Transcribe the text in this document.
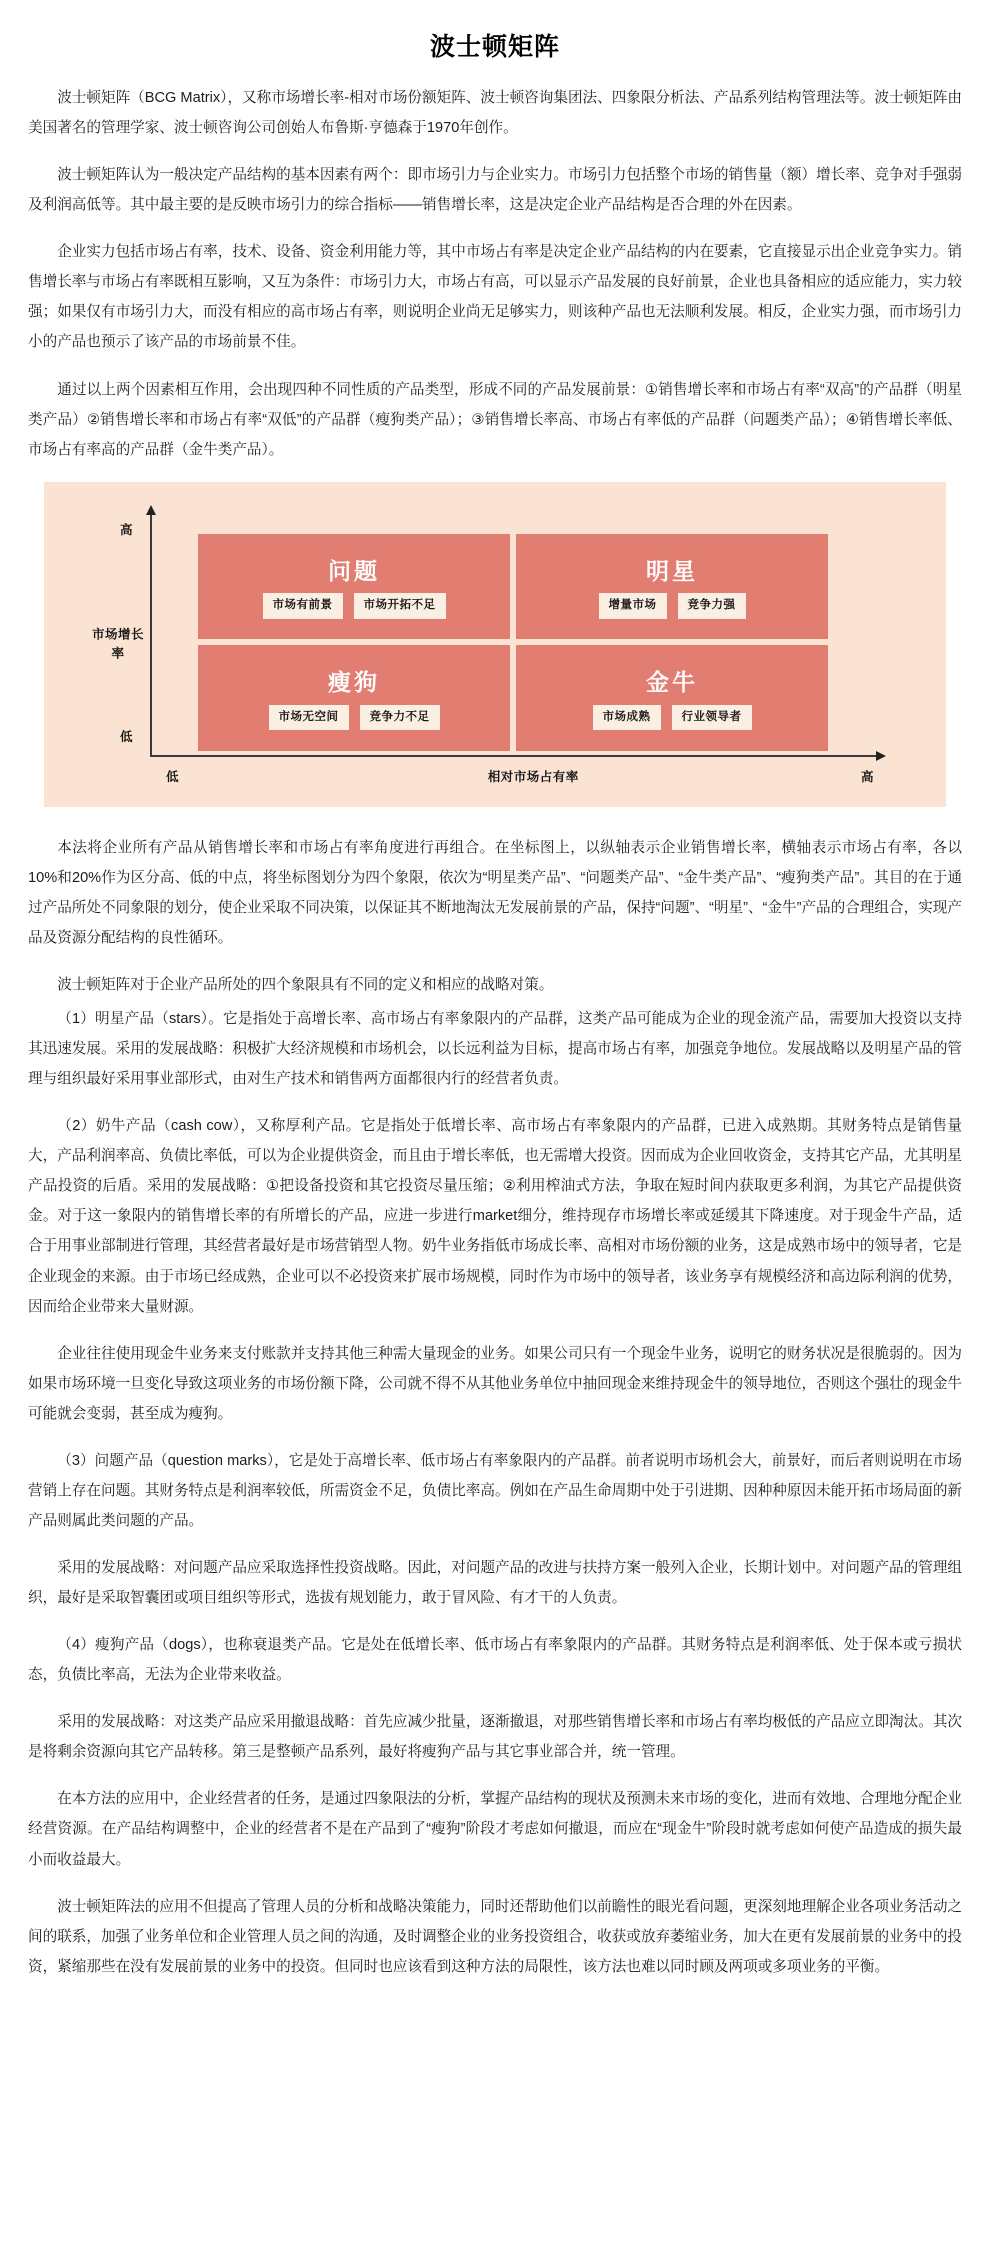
波士顿矩阵

波士顿矩阵（BCG Matrix），又称市场增长率-相对市场份额矩阵、波士顿咨询集团法、四象限分析法、产品系列结构管理法等。波士顿矩阵由美国著名的管理学家、波士顿咨询公司创始人布鲁斯·亨德森于1970年创作。

波士顿矩阵认为一般决定产品结构的基本因素有两个：即市场引力与企业实力。市场引力包括整个市场的销售量（额）增长率、竞争对手强弱及利润高低等。其中最主要的是反映市场引力的综合指标——销售增长率，这是决定企业产品结构是否合理的外在因素。

企业实力包括市场占有率，技术、设备、资金利用能力等，其中市场占有率是决定企业产品结构的内在要素，它直接显示出企业竞争实力。销售增长率与市场占有率既相互影响，又互为条件：市场引力大，市场占有高，可以显示产品发展的良好前景，企业也具备相应的适应能力，实力较强；如果仅有市场引力大，而没有相应的高市场占有率，则说明企业尚无足够实力，则该种产品也无法顺利发展。相反，企业实力强，而市场引力小的产品也预示了该产品的市场前景不佳。

通过以上两个因素相互作用，会出现四种不同性质的产品类型，形成不同的产品发展前景：①销售增长率和市场占有率“双高”的产品群（明星类产品）②销售增长率和市场占有率“双低”的产品群（瘦狗类产品）；③销售增长率高、市场占有率低的产品群（问题类产品）；④销售增长率低、市场占有率高的产品群（金牛类产品）。

高
低
市场增长率
低	相对市场占有率	高
问题
市场有前景	市场开拓不足
明星
增量市场	竞争力强
瘦狗
市场无空间	竞争力不足
金牛
市场成熟	行业领导者

本法将企业所有产品从销售增长率和市场占有率角度进行再组合。在坐标图上，以纵轴表示企业销售增长率，横轴表示市场占有率，各以10%和20%作为区分高、低的中点，将坐标图划分为四个象限，依次为“明星类产品”、“问题类产品”、“金牛类产品”、“瘦狗类产品”。其目的在于通过产品所处不同象限的划分，使企业采取不同决策，以保证其不断地淘汰无发展前景的产品，保持“问题”、“明星”、“金牛”产品的合理组合，实现产品及资源分配结构的良性循环。

波士顿矩阵对于企业产品所处的四个象限具有不同的定义和相应的战略对策。

（1）明星产品（stars）。它是指处于高增长率、高市场占有率象限内的产品群，这类产品可能成为企业的现金流产品，需要加大投资以支持其迅速发展。采用的发展战略：积极扩大经济规模和市场机会，以长远利益为目标，提高市场占有率，加强竞争地位。发展战略以及明星产品的管理与组织最好采用事业部形式，由对生产技术和销售两方面都很内行的经营者负责。

（2）奶牛产品（cash cow），又称厚利产品。它是指处于低增长率、高市场占有率象限内的产品群，已进入成熟期。其财务特点是销售量大，产品利润率高、负债比率低，可以为企业提供资金，而且由于增长率低，也无需增大投资。因而成为企业回收资金，支持其它产品，尤其明星产品投资的后盾。采用的发展战略：①把设备投资和其它投资尽量压缩；②利用榨油式方法，争取在短时间内获取更多利润，为其它产品提供资金。对于这一象限内的销售增长率的有所增长的产品，应进一步进行market细分，维持现存市场增长率或延缓其下降速度。对于现金牛产品，适合于用事业部制进行管理，其经营者最好是市场营销型人物。奶牛业务指低市场成长率、高相对市场份额的业务，这是成熟市场中的领导者，它是企业现金的来源。由于市场已经成熟，企业可以不必投资来扩展市场规模，同时作为市场中的领导者，该业务享有规模经济和高边际利润的优势，因而给企业带来大量财源。

企业往往使用现金牛业务来支付账款并支持其他三种需大量现金的业务。如果公司只有一个现金牛业务，说明它的财务状况是很脆弱的。因为如果市场环境一旦变化导致这项业务的市场份额下降，公司就不得不从其他业务单位中抽回现金来维持现金牛的领导地位，否则这个强壮的现金牛可能就会变弱，甚至成为瘦狗。

（3）问题产品（question marks），它是处于高增长率、低市场占有率象限内的产品群。前者说明市场机会大，前景好，而后者则说明在市场营销上存在问题。其财务特点是利润率较低，所需资金不足，负债比率高。例如在产品生命周期中处于引进期、因种种原因未能开拓市场局面的新产品则属此类问题的产品。

采用的发展战略：对问题产品应采取选择性投资战略。因此，对问题产品的改进与扶持方案一般列入企业，长期计划中。对问题产品的管理组织，最好是采取智囊团或项目组织等形式，选拔有规划能力，敢于冒风险、有才干的人负责。

（4）瘦狗产品（dogs），也称衰退类产品。它是处在低增长率、低市场占有率象限内的产品群。其财务特点是利润率低、处于保本或亏损状态，负债比率高，无法为企业带来收益。

采用的发展战略：对这类产品应采用撤退战略：首先应减少批量，逐渐撤退，对那些销售增长率和市场占有率均极低的产品应立即淘汰。其次是将剩余资源向其它产品转移。第三是整顿产品系列，最好将瘦狗产品与其它事业部合并，统一管理。

在本方法的应用中，企业经营者的任务，是通过四象限法的分析，掌握产品结构的现状及预测未来市场的变化，进而有效地、合理地分配企业经营资源。在产品结构调整中，企业的经营者不是在产品到了“瘦狗”阶段才考虑如何撤退，而应在“现金牛”阶段时就考虑如何使产品造成的损失最小而收益最大。

波士顿矩阵法的应用不但提高了管理人员的分析和战略决策能力，同时还帮助他们以前瞻性的眼光看问题，更深刻地理解企业各项业务活动之间的联系，加强了业务单位和企业管理人员之间的沟通，及时调整企业的业务投资组合，收获或放弃萎缩业务，加大在更有发展前景的业务中的投资，紧缩那些在没有发展前景的业务中的投资。但同时也应该看到这种方法的局限性，该方法也难以同时顾及两项或多项业务的平衡。
